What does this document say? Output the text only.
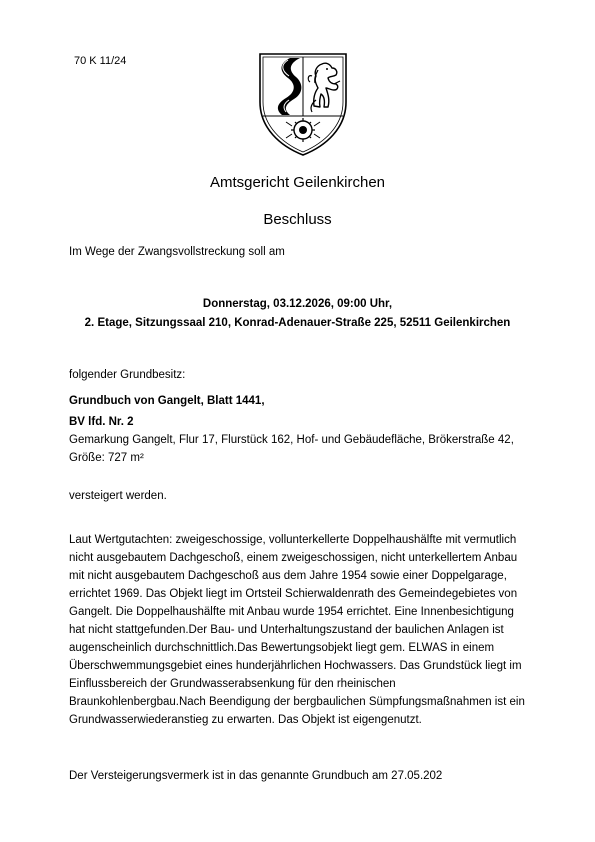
70 K 11/24
Amtsgericht Geilenkirchen
Beschluss
Im Wege der Zwangsvollstreckung soll am
Donnerstag, 03.12.2026, 09:00 Uhr,
2. Etage, Sitzungssaal 210, Konrad-Adenauer-Straße 225, 52511 Geilenkirchen
folgender Grundbesitz:
Grundbuch von Gangelt, Blatt 1441,
BV lfd. Nr. 2
Gemarkung Gangelt, Flur 17, Flurstück 162, Hof- und Gebäudefläche, Brökerstraße 42, Größe: 727 m²
versteigert werden.
Laut Wertgutachten: zweigeschossige, vollunterkellerte Doppelhaushälfte mit vermutlich nicht ausgebautem Dachgeschoß, einem zweigeschossigen, nicht unterkellertem Anbau mit nicht ausgebautem Dachgeschoß aus dem Jahre 1954 sowie einer Doppelgarage, errichtet 1969. Das Objekt liegt im Ortsteil Schierwaldenrath des Gemeindegebietes von Gangelt. Die Doppelhaushälfte mit Anbau wurde 1954 errichtet. Eine Innenbesichtigung hat nicht stattgefunden.Der Bau- und Unterhaltungszustand der baulichen Anlagen ist augenscheinlich durchschnittlich.Das Bewertungsobjekt liegt gem. ELWAS in einem Überschwemmungsgebiet eines hunderjährlichen Hochwassers. Das Grundstück liegt im Einflussbereich der Grundwasserabsenkung für den rheinischen Braunkohlenbergbau.Nach Beendigung der bergbaulichen Sümpfungsmaßnahmen ist ein Grundwasserwiederanstieg zu erwarten. Das Objekt ist eigengenutzt.
Der Versteigerungsvermerk ist in das genannte Grundbuch am 27.05.202
